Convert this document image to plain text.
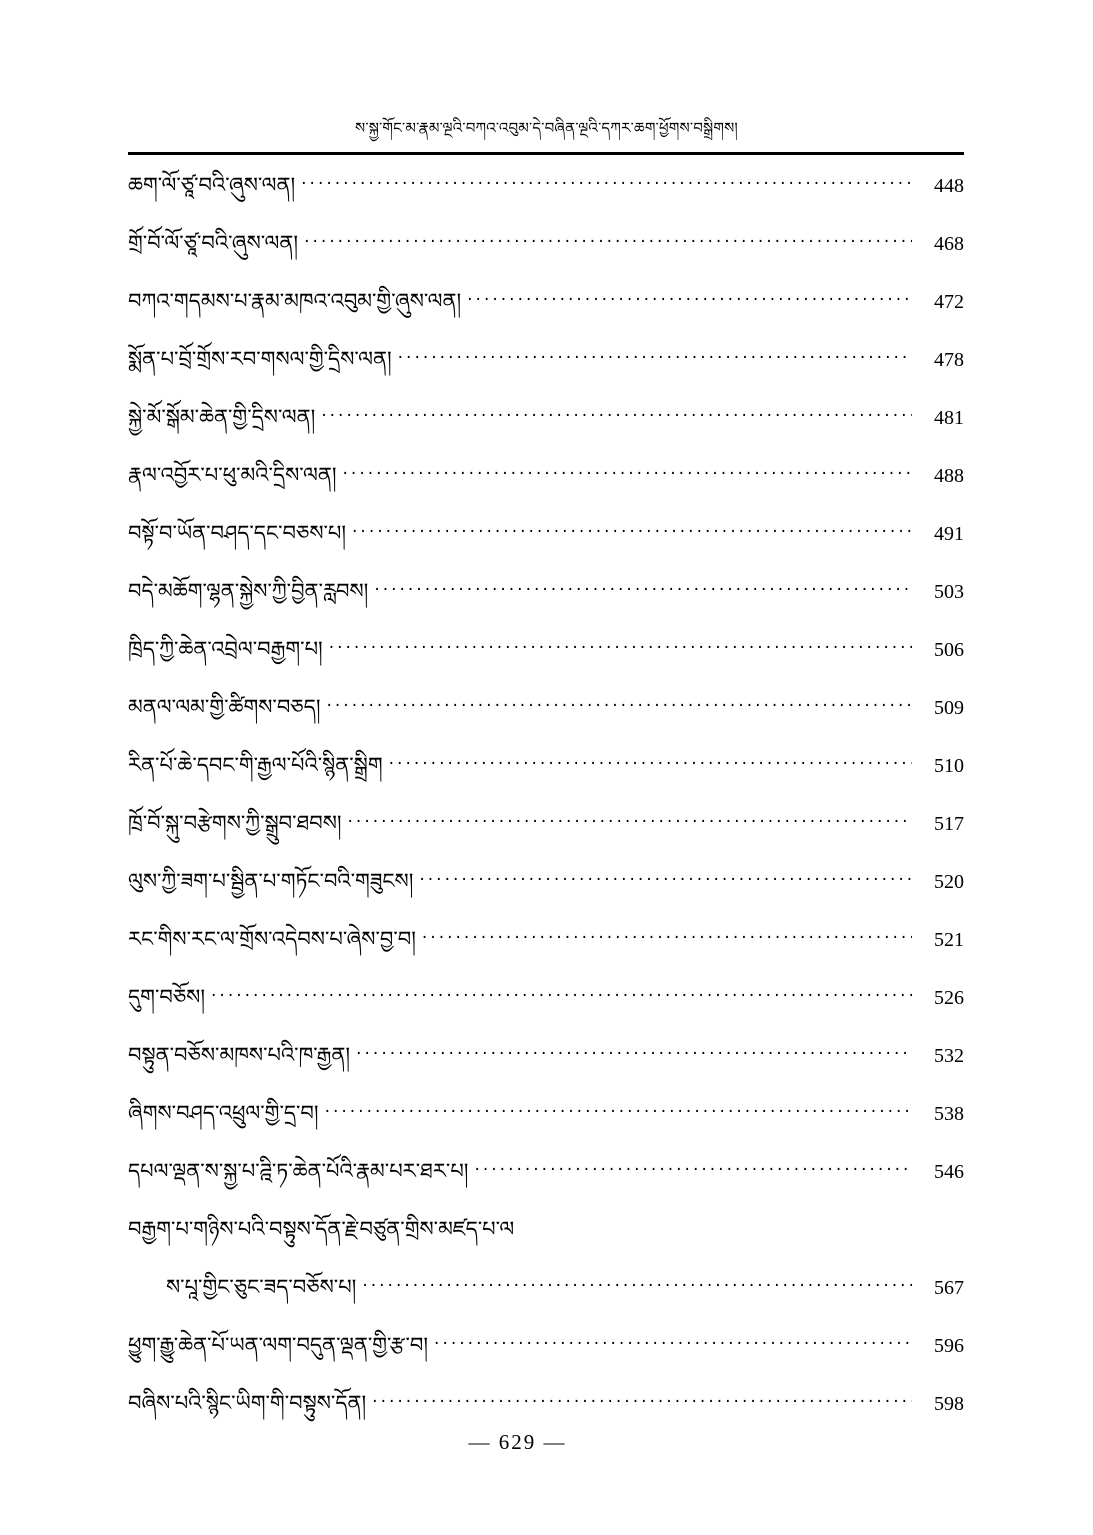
ས་སྐྱ་གོང་མ་རྣམ་ལྔའི་བཀའ་འབུམ་དེ་བཞིན་ལྔའི་དཀར་ཆག་ཕྱོགས་བསྒྲིགས།
ཆག་ལོ་ཙཱ་བའི་ཞུས་ལན། .....	448
གྲོ་བོ་ལོ་ཙཱ་བའི་ཞུས་ལན། .....	468
བཀའ་གདམས་པ་རྣམ་མཁའ་འབུམ་གྱི་ཞུས་ལན། .....	472
སྨོན་པ་བྲོ་གྲོས་རབ་གསལ་གྱི་དྲིས་ལན། .....	478
སྐྱེ་མོ་སྒོམ་ཆེན་གྱི་དྲིས་ལན། .....	481
རྣལ་འབྱོར་པ་ཕུ་མའི་དྲིས་ལན། .....	488
བསྟོ་བ་ཡོན་བཤད་དང་བཅས་པ། .....	491
བདེ་མཆོག་ལྷན་སྐྱེས་ཀྱི་བྱིན་རླབས། .....	503
ཁྲིད་ཀྱི་ཆེན་འབྲེལ་བརྒྱག་པ། .....	506
མནལ་ལམ་གྱི་ཚིགས་བཅད། .....	509
རིན་པོ་ཆེ་དབང་གི་རྒྱལ་པོའི་སྙིན་སྒྲིག .....	510
ཁྲོ་བོ་སྐུ་བརྩེགས་ཀྱི་སྒྲུབ་ཐབས། .....	517
ལུས་ཀྱི་ཟག་པ་སྦྱིན་པ་གཏོང་བའི་གཟུངས། .....	520
རང་གིས་རང་ལ་གྲོས་འདེབས་པ་ཞེས་བྱ་བ། .....	521
དུག་བཅོས། .....	526
བསྟུན་བཅོས་མཁས་པའི་ཁ་རྒྱན། .....	532
ཞིགས་བཤད་འཕྲུལ་གྱི་དྲ་བ། .....	538
དཔལ་ལྡན་ས་སྐྱ་པ་ཌྰི་ཏ་ཆེན་པོའི་རྣམ་པར་ཐར་པ། .....	546
བརྒྱག་པ་གཉིས་པའི་བསྟུས་དོན་རྗེ་བཙུན་གྲིས་མཛད་པ་ལ
ས་པཱ་གྱིང་ཅུང་ཟད་བཅོས་པ། .....	567
ཕྱུག་རྒྱུ་ཆེན་པོ་ཡན་ལག་བདུན་ལྡན་གྱི་རྩ་བ། .....	596
བཞིས་པའི་སྙིང་ཡིག་གི་བསྟུས་དོན། .....	598
— 629 —
